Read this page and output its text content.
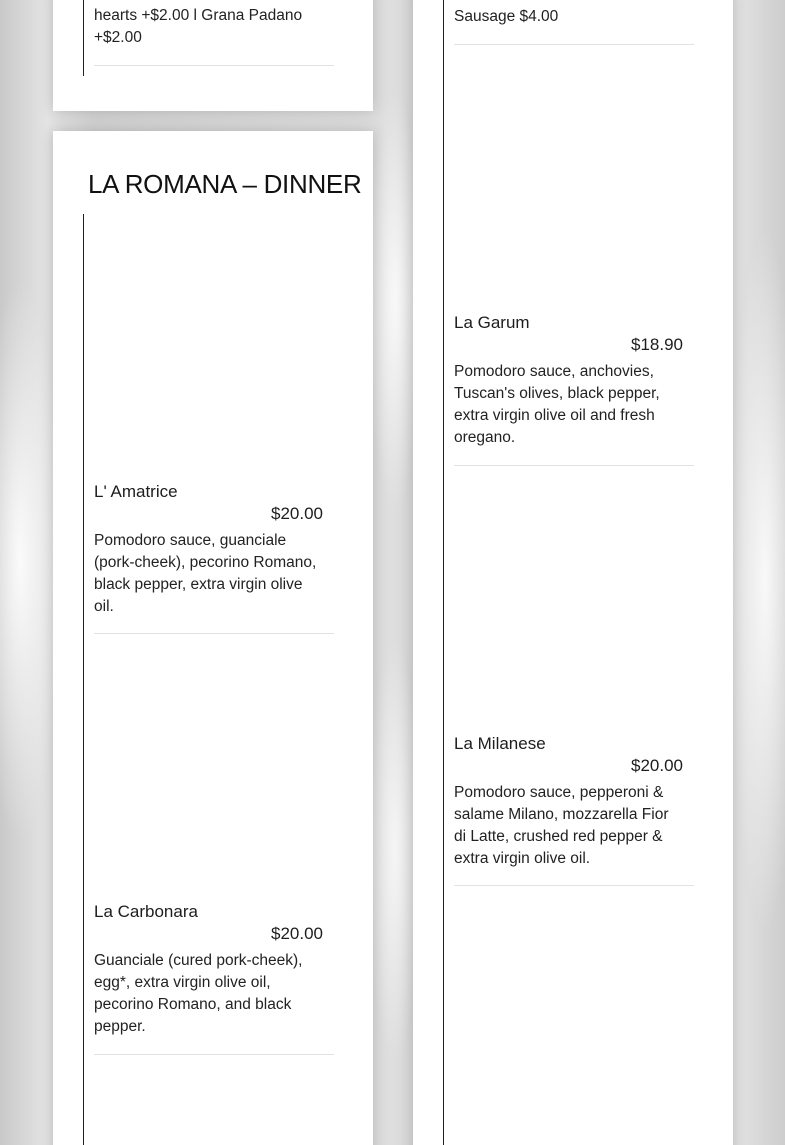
hearts +$2.00 l Grana Padano +$2.00
LA ROMANA – DINNER
L' Amatrice
$20.00
Pomodoro sauce, guanciale (pork-cheek), pecorino Romano, black pepper, extra virgin olive oil.
La Carbonara
$20.00
Guanciale (cured pork-cheek), egg*, extra virgin olive oil, pecorino Romano, and black pepper.
Sausage $4.00
La Garum
$18.90
Pomodoro sauce, anchovies, Tuscan's olives, black pepper, extra virgin olive oil and fresh oregano.
La Milanese
$20.00
Pomodoro sauce, pepperoni & salame Milano, mozzarella Fior di Latte, crushed red pepper & extra virgin olive oil.
